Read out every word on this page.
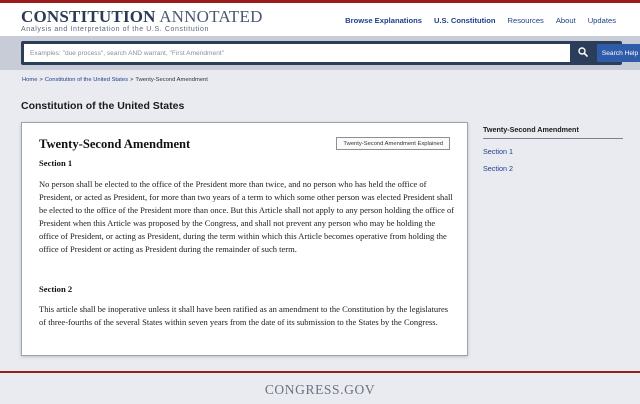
CONSTITUTION ANNOTATED
Analysis and Interpretation of the U.S. Constitution
Browse Explanations	U.S. Constitution	Resources	About	Updates
Examples: "due process", search AND warrant, "First Amendment"
Search Help
Home > Constitution of the United States > Twenty-Second Amendment
Constitution of the United States
Twenty-Second Amendment	Twenty-Second Amendment Explained
Section 1

No person shall be elected to the office of the President more than twice, and no person who has held the office of President, or acted as President, for more than two years of a term to which some other person was elected President shall be elected to the office of the President more than once. But this Article shall not apply to any person holding the office of President when this Article was proposed by the Congress, and shall not prevent any person who may be holding the office of President, or acting as President, during the term within which this Article becomes operative from holding the office of President or acting as President during the remainder of such term.

Section 2

This article shall be inoperative unless it shall have been ratified as an amendment to the Constitution by the legislatures of three-fourths of the several States within seven years from the date of its submission to the States by the Congress.

Twenty-Second Amendment
Section 1
Section 2
CONGRESS.GOV
